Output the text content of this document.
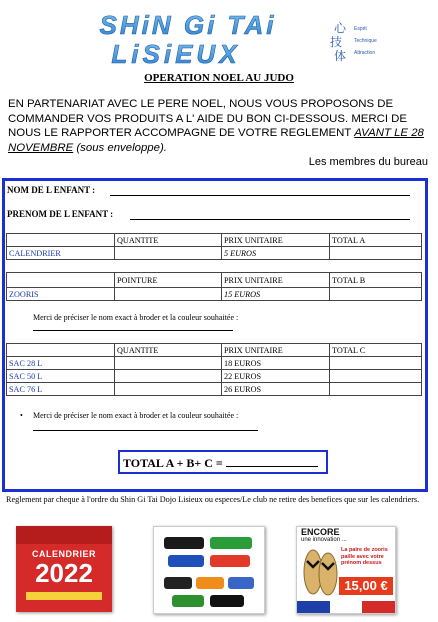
SHiN Gi TAi
LiSiEUX
心
技
体
Esprit
Technique
Attraction
OPERATION NOEL AU JUDO
EN PARTENARIAT AVEC LE PERE NOEL, NOUS VOUS PROPOSONS DE COMMANDER VOS PRODUITS A L' AIDE DU BON CI-DESSOUS. MERCI DE NOUS LE RAPPORTER ACCOMPAGNE DE VOTRE REGLEMENT AVANT LE 28 NOVEMBRE (sous enveloppe).
Les membres du bureau
NOM DE L ENFANT :
PRENOM DE L ENFANT :
	QUANTITE	PRIX UNITAIRE	TOTAL A
CALENDRIER		5 EUROS	
	POINTURE	PRIX UNITAIRE	TOTAL B
ZOORIS		15 EUROS	
Merci de préciser le nom exact à broder et la couleur souhaitée :
	QUANTITE	PRIX UNITAIRE	TOTAL C
SAC 28 L		18 EUROS	
SAC 50 L		22 EUROS	
SAC 76 L		26 EUROS	
• Merci de préciser le nom exact à broder et la couleur souhaitée :
TOTAL A + B+ C =
Reglement par cheque à l'ordre du Shin Gi Tai Dojo Lisieux ou especes/Le club ne retire des benefices que sur les calendriers.
CALENDRIER
2022
ENCORE
une innovation ...
La paire de zooris paille avec votre prénom dessus
15,00 €
